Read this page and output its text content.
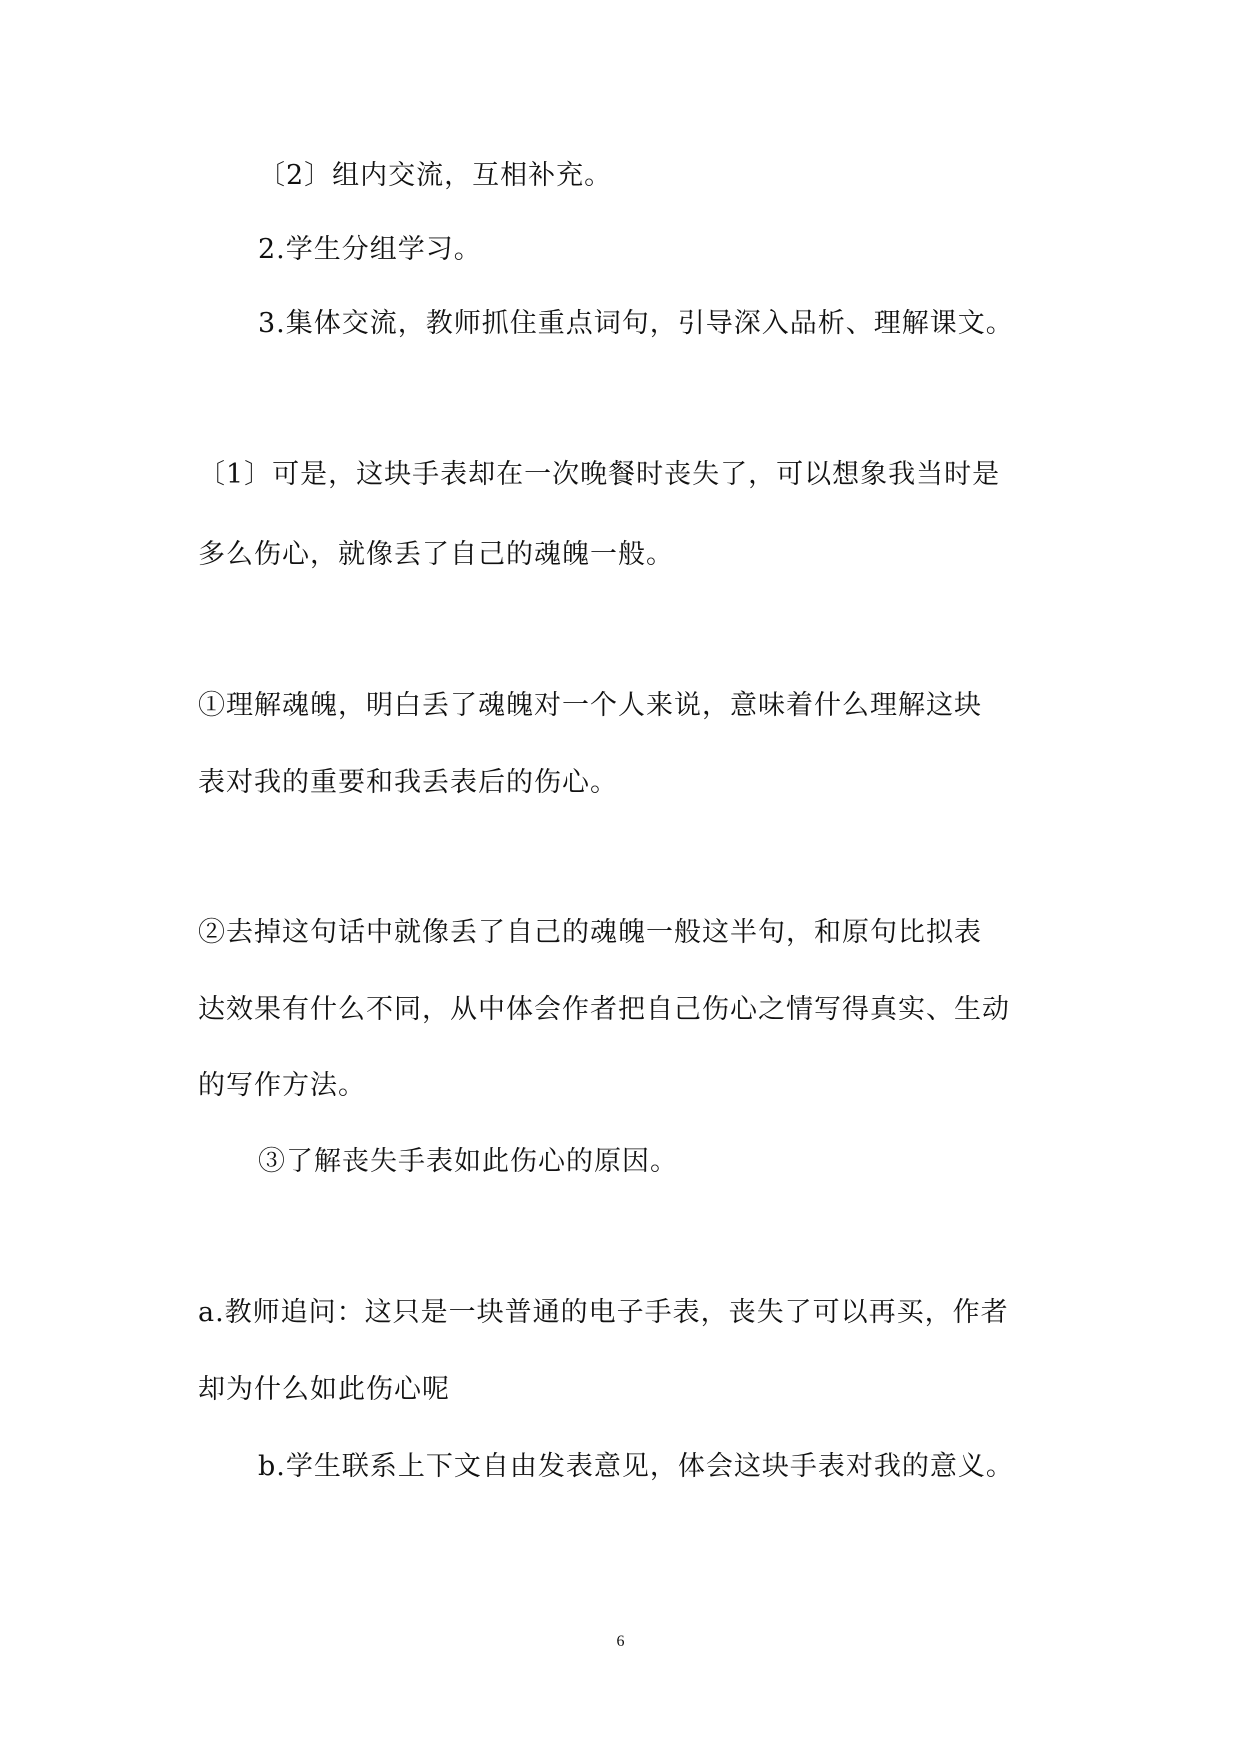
〔2〕组内交流，互相补充。
2.学生分组学习。
3.集体交流，教师抓住重点词句，引导深入品析、理解课文。
〔1〕可是，这块手表却在一次晚餐时丧失了，可以想象我当时是
多么伤心，就像丢了自己的魂魄一般。
①理解魂魄，明白丢了魂魄对一个人来说，意味着什么理解这块
表对我的重要和我丢表后的伤心。
②去掉这句话中就像丢了自己的魂魄一般这半句，和原句比拟表
达效果有什么不同，从中体会作者把自己伤心之情写得真实、生动
的写作方法。
③了解丧失手表如此伤心的原因。
a.教师追问：这只是一块普通的电子手表，丧失了可以再买，作者
却为什么如此伤心呢
b.学生联系上下文自由发表意见，体会这块手表对我的意义。
6
